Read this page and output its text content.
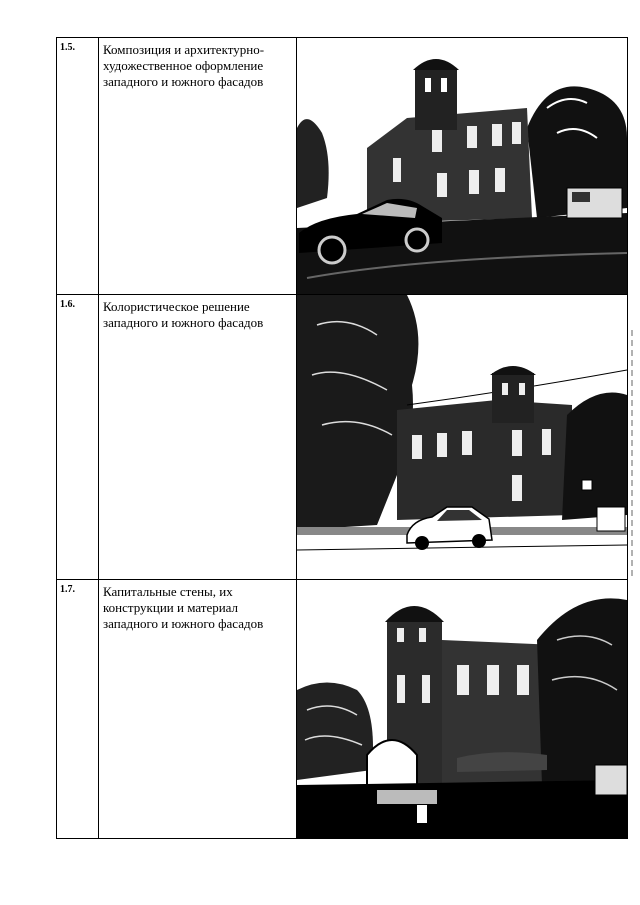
1.5.	Композиция и архитектурно-художественное оформление западного и южного фасадов	

1.6.	Колористическое решение западного и южного фасадов	

1.7.	Капитальные стены, их конструкции и материал западного и южного фасадов	
